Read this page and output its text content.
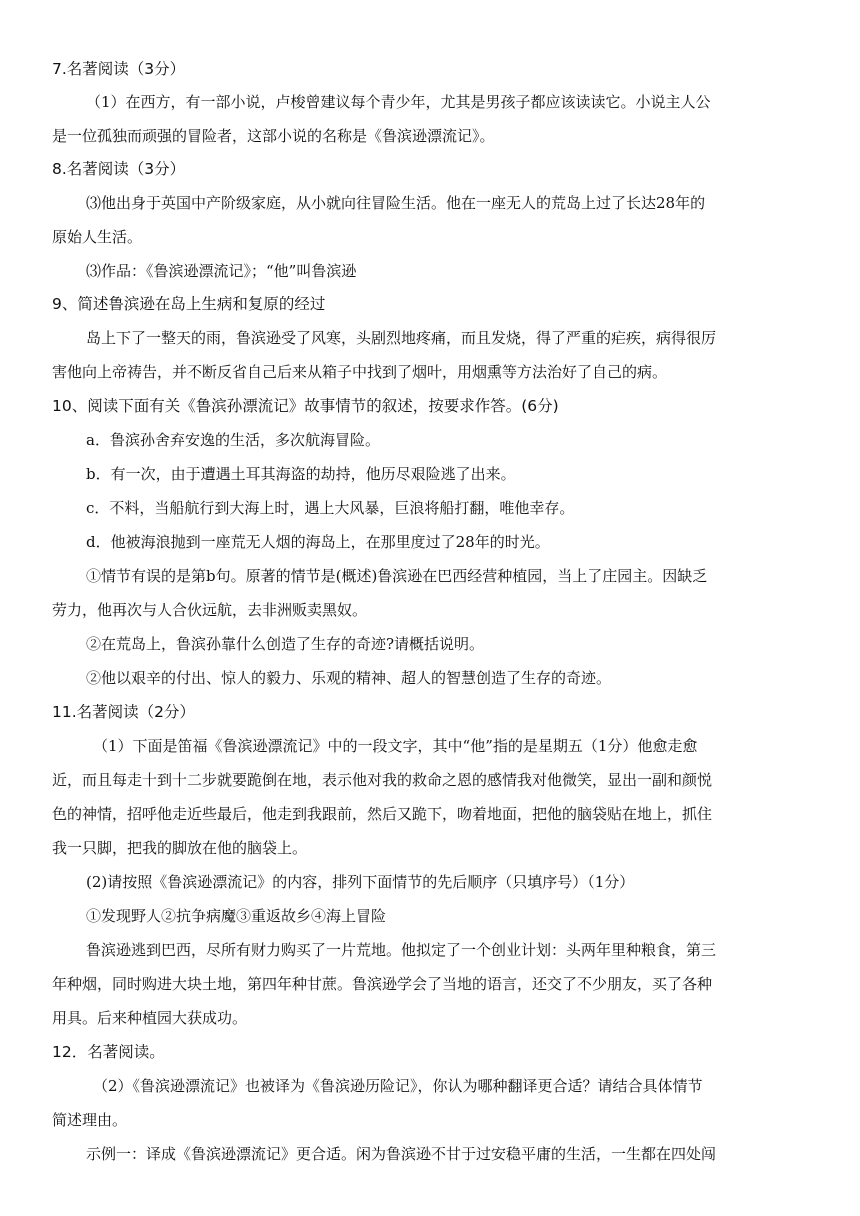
7.名著阅读（3分）
（1）在西方，有一部小说，卢梭曾建议每个青少年，尤其是男孩子都应该读读它。小说主人公
是一位孤独而顽强的冒险者，这部小说的名称是《鲁滨逊漂流记》。
8.名著阅读（3分）
⑶他出身于英国中产阶级家庭，从小就向往冒险生活。他在一座无人的荒岛上过了长达28年的
原始人生活。
⑶作品：《鲁滨逊漂流记》；“他”叫鲁滨逊
9、简述鲁滨逊在岛上生病和复原的经过
岛上下了一整天的雨，鲁滨逊受了风寒，头剧烈地疼痛，而且发烧，得了严重的疟疾，病得很厉
害他向上帝祷告，并不断反省自己后来从箱子中找到了烟叶，用烟熏等方法治好了自己的病。
10、阅读下面有关《鲁滨孙漂流记》故事情节的叙述，按要求作答。(6分)
a．鲁滨孙舍弃安逸的生活，多次航海冒险。
b．有一次，由于遭遇土耳其海盗的劫持，他历尽艰险逃了出来。
c．不料，当船航行到大海上时，遇上大风暴，巨浪将船打翻，唯他幸存。
d．他被海浪抛到一座荒无人烟的海岛上，在那里度过了28年的时光。
①情节有误的是第b句。原著的情节是(概述)鲁滨逊在巴西经营种植园，当上了庄园主。因缺乏
劳力，他再次与人合伙远航，去非洲贩卖黑奴。
②在荒岛上，鲁滨孙靠什么创造了生存的奇迹?请概括说明。
②他以艰辛的付出、惊人的毅力、乐观的精神、超人的智慧创造了生存的奇迹。
11.名著阅读（2分）
（1）下面是笛福《鲁滨逊漂流记》中的一段文字，其中“他”指的是星期五（1分）他愈走愈
近，而且每走十到十二步就要跪倒在地，表示他对我的救命之恩的感情我对他微笑，显出一副和颜悦
色的神情，招呼他走近些最后，他走到我跟前，然后又跪下，吻着地面，把他的脑袋贴在地上，抓住
我一只脚，把我的脚放在他的脑袋上。
(2)请按照《鲁滨逊漂流记》的内容，排列下面情节的先后顺序（只填序号）（1分）
①发现野人②抗争病魔③重返故乡④海上冒险
鲁滨逊逃到巴西，尽所有财力购买了一片荒地。他拟定了一个创业计划：头两年里种粮食，第三
年种烟，同时购进大块土地，第四年种甘蔗。鲁滨逊学会了当地的语言，还交了不少朋友，买了各种
用具。后来种植园大获成功。
12．名著阅读。
（2）《鲁滨逊漂流记》也被译为《鲁滨逊历险记》，你认为哪种翻译更合适？请结合具体情节
简述理由。
示例一：译成《鲁滨逊漂流记》更合适。闲为鲁滨逊不甘于过安稳平庸的生活，一生都在四处闯
